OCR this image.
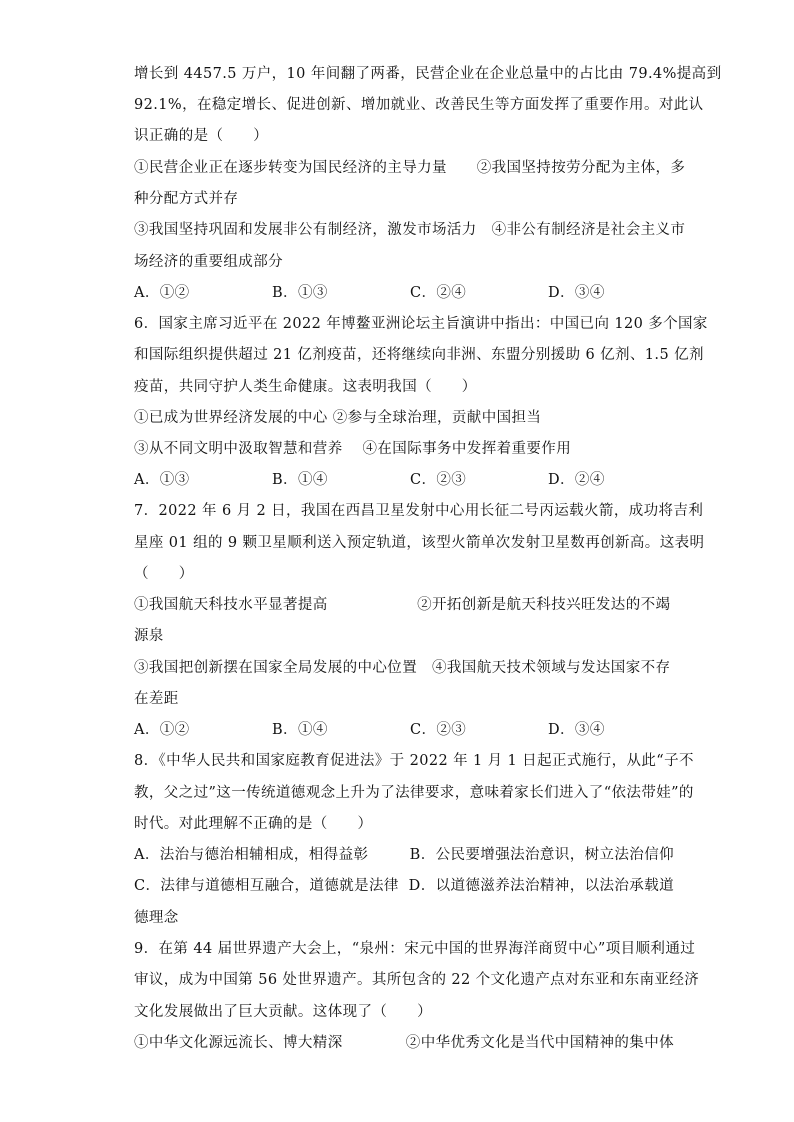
增长到 4457.5 万户，10 年间翻了两番，民营企业在企业总量中的占比由 79.4%提高到
92.1%，在稳定增长、促进创新、增加就业、改善民生等方面发挥了重要作用。对此认
识正确的是（　　）
①民营企业正在逐步转变为国民经济的主导力量　　②我国坚持按劳分配为主体，多
种分配方式并存
③我国坚持巩固和发展非公有制经济，激发市场活力　④非公有制经济是社会主义市
场经济的重要组成部分
A．①②	B．①③	C．②④	D．③④
6．国家主席习近平在 2022 年博鳌亚洲论坛主旨演讲中指出：中国已向 120 多个国家
和国际组织提供超过 21 亿剂疫苗，还将继续向非洲、东盟分别援助 6 亿剂、1.5 亿剂
疫苗，共同守护人类生命健康。这表明我国（　　）
①已成为世界经济发展的中心 ②参与全球治理，贡献中国担当
③从不同文明中汲取智慧和营养　 ④在国际事务中发挥着重要作用
A．①③	B．①④	C．②③	D．②④
7．2022 年 6 月 2 日，我国在西昌卫星发射中心用长征二号丙运载火箭，成功将吉利
星座 01 组的 9 颗卫星顺利送入预定轨道，该型火箭单次发射卫星数再创新高。这表明
（　　）
①我国航天科技水平显著提高　　　　　　②开拓创新是航天科技兴旺发达的不竭
源泉
③我国把创新摆在国家全局发展的中心位置　④我国航天技术领域与发达国家不存
在差距
A．①②	B．①④	C．②③	D．③④
8．《中华人民共和国家庭教育促进法》于 2022 年 1 月 1 日起正式施行，从此“子不
教，父之过”这一传统道德观念上升为了法律要求，意味着家长们进入了“依法带娃”的
时代。对此理解不正确的是（　　）
A．法治与德治相辅相成，相得益彰	B．公民要增强法治意识，树立法治信仰
C．法律与道德相互融合，道德就是法律 D．以道德滋养法治精神，以法治承载道
德理念
9．在第 44 届世界遗产大会上，“泉州：宋元中国的世界海洋商贸中心”项目顺利通过
审议，成为中国第 56 处世界遗产。其所包含的 22 个文化遗产点对东亚和东南亚经济
文化发展做出了巨大贡献。这体现了（　　）
①中华文化源远流长、博大精深	②中华优秀文化是当代中国精神的集中体
